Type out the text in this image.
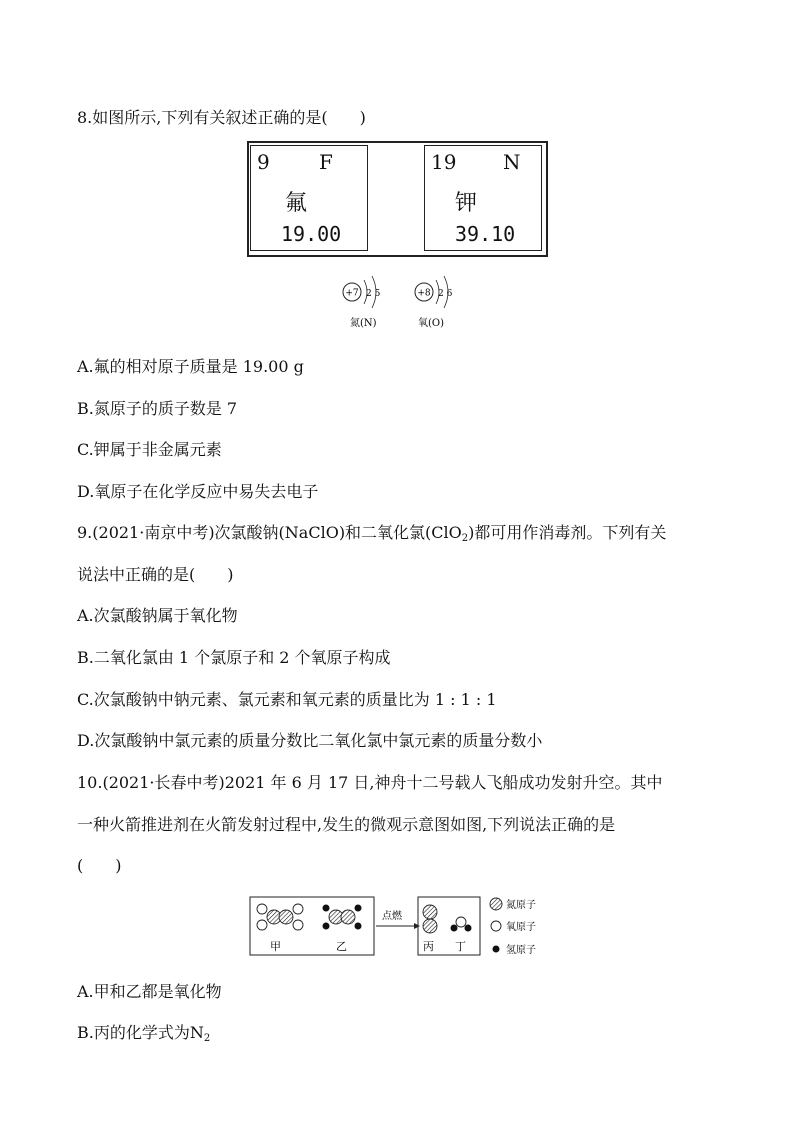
8.如图所示,下列有关叙述正确的是(　　)
9 F
氟
19.00
19 N
钾
39.10
+7 2 5
氮(N)
+8 2 6
氧(O)
A.氟的相对原子质量是 19.00 g
B.氮原子的质子数是 7
C.钾属于非金属元素
D.氧原子在化学反应中易失去电子
9.(2021·南京中考)次氯酸钠(NaClO)和二氧化氯(ClO$_2$)都可用作消毒剂。下列有关
说法中正确的是(　　)
A.次氯酸钠属于氧化物
B.二氧化氯由 1 个氯原子和 2 个氧原子构成
C.次氯酸钠中钠元素、氯元素和氧元素的质量比为 1 : 1 : 1
D.次氯酸钠中氯元素的质量分数比二氧化氯中氯元素的质量分数小
10.(2021·长春中考)2021 年 6 月 17 日,神舟十二号载人飞船成功发射升空。其中
一种火箭推进剂在火箭发射过程中,发生的微观示意图如图,下列说法正确的是
(　　)
甲	乙
点燃
丙 丁
氮原子
氧原子
氢原子
A.甲和乙都是氧化物
B.丙的化学式为$N_2$
